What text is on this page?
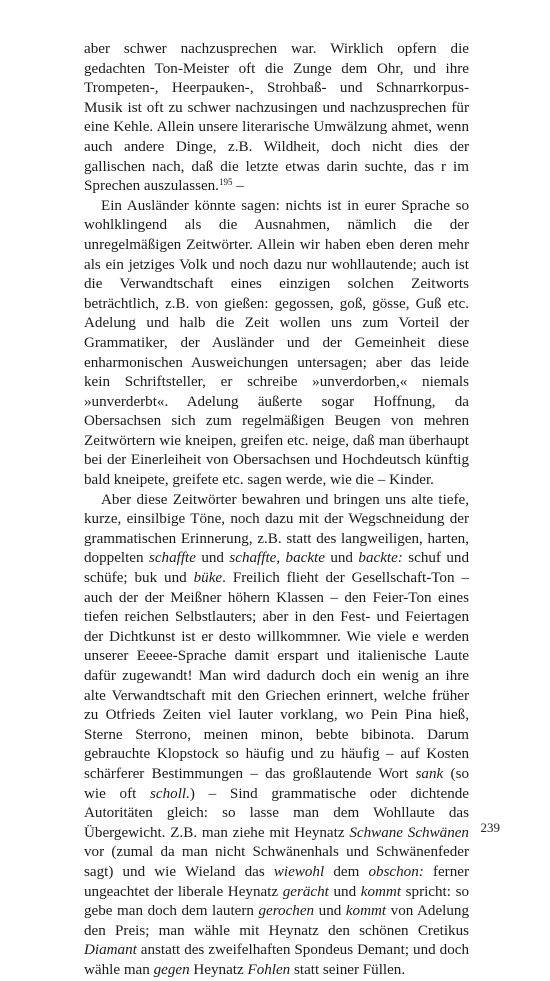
aber schwer nachzusprechen war. Wirklich opfern die gedachten Ton-Meister oft die Zunge dem Ohr, und ihre Trompeten-, Heerpauken-, Strohbaß- und Schnarrkorpus-Musik ist oft zu schwer nachzusingen und nachzusprechen für eine Kehle. Allein unsere literarische Umwälzung ahmet, wenn auch andere Dinge, z.B. Wildheit, doch nicht dies der gallischen nach, daß die letzte etwas darin suchte, das r im Sprechen auszulassen.$^{195}$ –

Ein Ausländer könnte sagen: nichts ist in eurer Sprache so wohlklingend als die Ausnahmen, nämlich die der unregelmäßigen Zeitwörter. Allein wir haben eben deren mehr als ein jetziges Volk und noch dazu nur wohllautende; auch ist die Verwandtschaft eines einzigen solchen Zeitworts beträchtlich, z.B. von gießen: gegossen, goß, gösse, Guß etc. Adelung und halb die Zeit wollen uns zum Vorteil der Grammatiker, der Ausländer und der Gemeinheit diese enharmonischen Ausweichungen untersagen; aber das leide kein Schriftsteller, er schreibe »unverdorben,« niemals »unverderbt«. Adelung äußerte sogar Hoffnung, da Obersachsen sich zum regelmäßigen Beugen von mehren Zeitwörtern wie kneipen, greifen etc. neige, daß man überhaupt bei der Einerleiheit von Obersachsen und Hochdeutsch künftig bald kneipete, greifete etc. sagen werde, wie die – Kinder.

Aber diese Zeitwörter bewahren und bringen uns alte tiefe, kurze, einsilbige Töne, noch dazu mit der Wegschneidung der grammatischen Erinnerung, z.B. statt des langweiligen, harten, doppelten schaffte und schaffte, backte und backte: schuf und schüfe; buk und büke. Freilich flieht der Gesellschaft-Ton – auch der der Meißner höhern Klassen – den Feier-Ton eines tiefen reichen Selbstlauters; aber in den Fest- und Feiertagen der Dichtkunst ist er desto willkommner. Wie viele e werden unserer Eeeee-Sprache damit erspart und italienische Laute dafür zugewandt! Man wird dadurch doch ein wenig an ihre alte Verwandtschaft mit den Griechen erinnert, welche früher zu Otfrieds Zeiten viel lauter vorklang, wo Pein Pina hieß, Sterne Sterrono, meinen minon, bebte bibinota. Darum gebrauchte Klopstock so häufig und zu häufig – auf Kosten schärferer Bestimmungen – das großlautende Wort sank (so wie oft scholl.) – Sind grammatische oder dichtende Autoritäten gleich: so lasse man dem Wohllaute das Übergewicht. Z.B. man ziehe mit Heynatz Schwane Schwänen vor (zumal da man nicht Schwänenhals und Schwänenfeder sagt) und wie Wieland das wiewohl dem obschon: ferner ungeachtet der liberale Heynatz gerächt und kommt spricht: so gebe man doch dem lautern gerochen und kommt von Adelung den Preis; man wähle mit Heynatz den schönen Cretikus Diamant anstatt des zweifelhaften Spondeus Demant; und doch wähle man gegen Heynatz Fohlen statt seiner Füllen.

239
